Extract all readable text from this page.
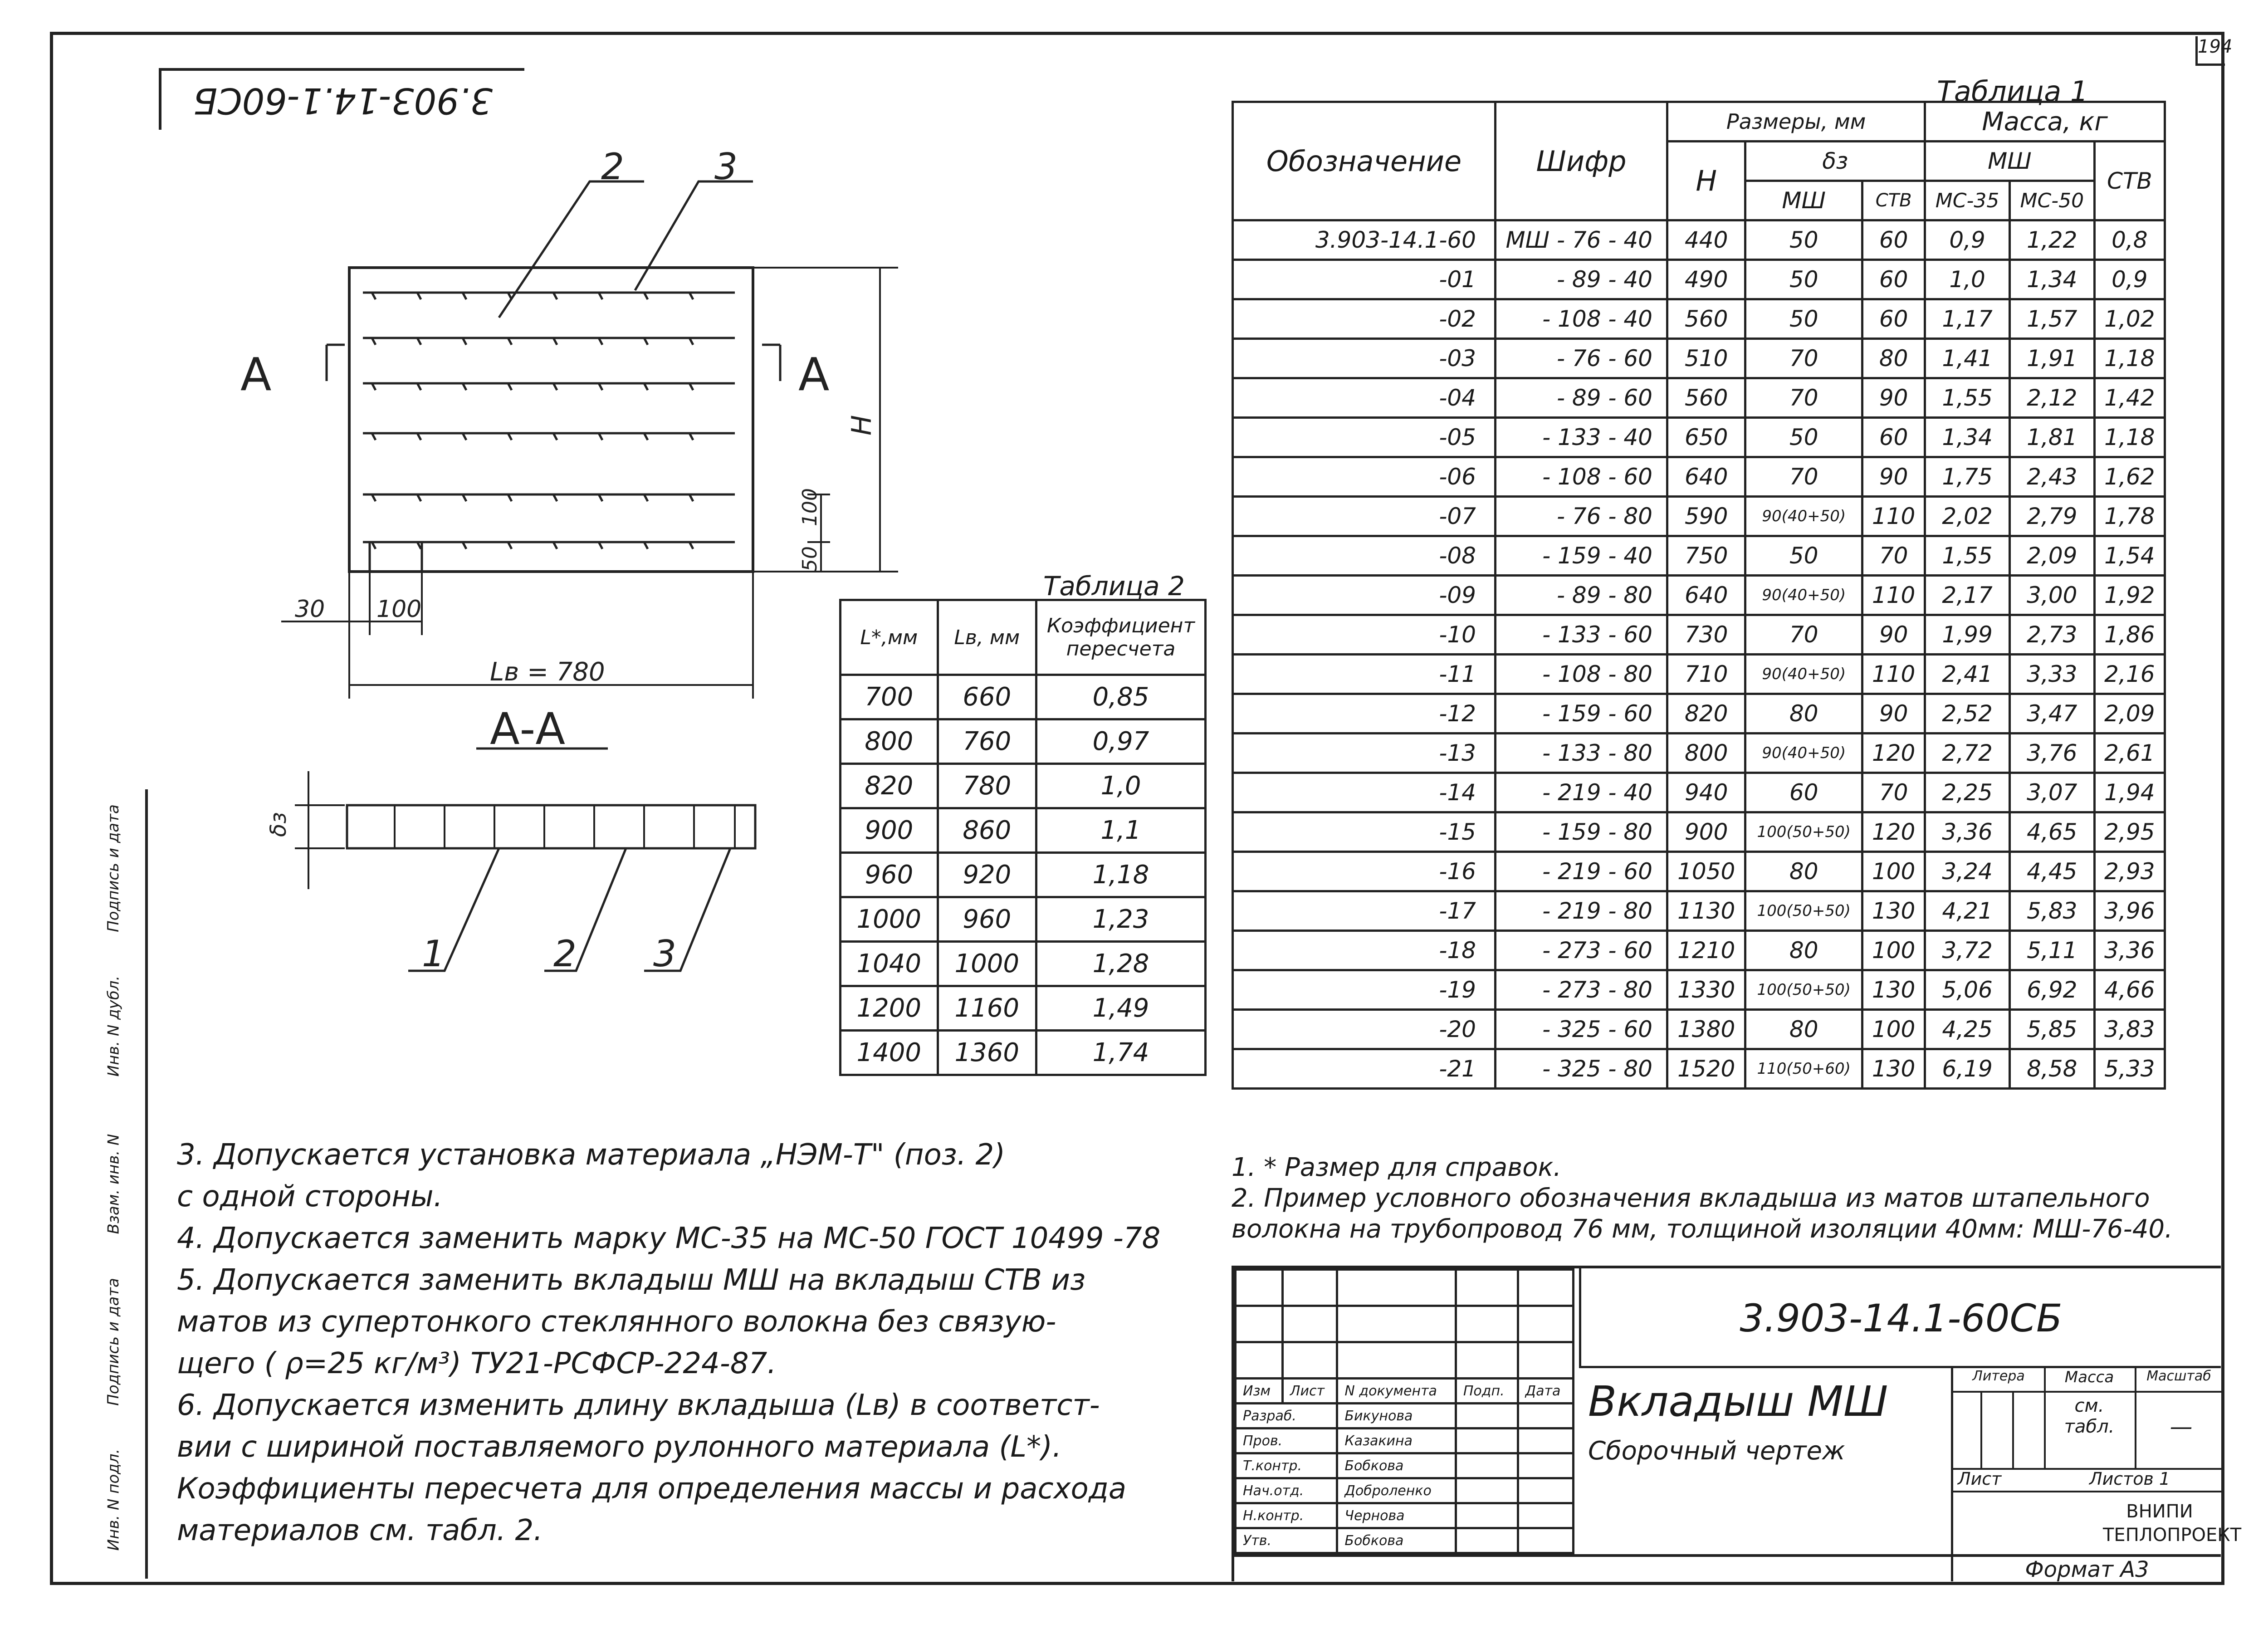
194
3.903-14.1-60СБ
Подпись и дата
Инв. N дубл.
Взам. инв. N
Подпись и дата
Инв. N подл.
2 3
А	А
H
100
50
30 100
Lв = 780
А-А
δз
1	2 3
Таблица 2
L*,мм	Lв, мм	Коэффициент пересчета
700	660	0,85
800	760	0,97
820	780	1,0
900	860	1,1
960	920	1,18
1000	960	1,23
1040	1000	1,28
1200	1160	1,49
1400	1360	1,74
Таблица 1
Обозначение	Шифр	Размеры, мм			Масса, кг		
		H	δз		МШ		СТВ
			МШ	СТВ	МС-35	МС-50	
3.903-14.1-60	МШ - 76 - 40	440	50	60	0,9	1,22	0,8
-01	- 89 - 40	490	50	60	1,0	1,34	0,9
-02	- 108 - 40	560	50	60	1,17	1,57	1,02
-03	- 76 - 60	510	70	80	1,41	1,91	1,18
-04	- 89 - 60	560	70	90	1,55	2,12	1,42
-05	- 133 - 40	650	50	60	1,34	1,81	1,18
-06	- 108 - 60	640	70	90	1,75	2,43	1,62
-07	- 76 - 80	590	90(40+50)	110	2,02	2,79	1,78
-08	- 159 - 40	750	50	70	1,55	2,09	1,54
-09	- 89 - 80	640	90(40+50)	110	2,17	3,00	1,92
-10	- 133 - 60	730	70	90	1,99	2,73	1,86
-11	- 108 - 80	710	90(40+50)	110	2,41	3,33	2,16
-12	- 159 - 60	820	80	90	2,52	3,47	2,09
-13	- 133 - 80	800	90(40+50)	120	2,72	3,76	2,61
-14	- 219 - 40	940	60	70	2,25	3,07	1,94
-15	- 159 - 80	900	100(50+50)	120	3,36	4,65	2,95
-16	- 219 - 60	1050	80	100	3,24	4,45	2,93
-17	- 219 - 80	1130	100(50+50)	130	4,21	5,83	3,96
-18	- 273 - 60	1210	80	100	3,72	5,11	3,36
-19	- 273 - 80	1330	100(50+50)	130	5,06	6,92	4,66
-20	- 325 - 60	1380	80	100	4,25	5,85	3,83
-21	- 325 - 80	1520	110(50+60)	130	6,19	8,58	5,33
1. * Размер для справок.
2. Пример условного обозначения вкладыша из матов штапельного
волокна на трубопровод 76 мм, толщиной изоляции 40мм: МШ-76-40.
3. Допускается установка материала „НЭМ-Т" (поз. 2)
с одной стороны.
4. Допускается заменить марку МС-35 на МС-50 ГОСТ 10499 -78
5. Допускается заменить вкладыш МШ на вкладыш СТВ из
матов из супертонкого стеклянного волокна без связую-
щего ( ρ=25 кг/м³) ТУ21-РСФСР-224-87.
6. Допускается изменить длину вкладыша (Lв) в соответст-
вии с шириной поставляемого рулонного материала (L*).
Коэффициенты пересчета для определения массы и расхода
материалов см. табл. 2.

Изм	Лист	N документа	Подп.	Дата
Разраб.		Бикунова		
Пров.		Казакина		
Т.контр.		Бобкова		
Нач.отд.		Доброленко		
Н.контр.		Чернова		
Утв.		Бобкова		
3.903-14.1-60СБ
Вкладыш МШ
Сборочный чертеж
Литера	Масса	Масштаб
см. табл.	—
Лист	Листов 1
ВНИПИ ТЕПЛОПРОЕКТ
Формат А3
